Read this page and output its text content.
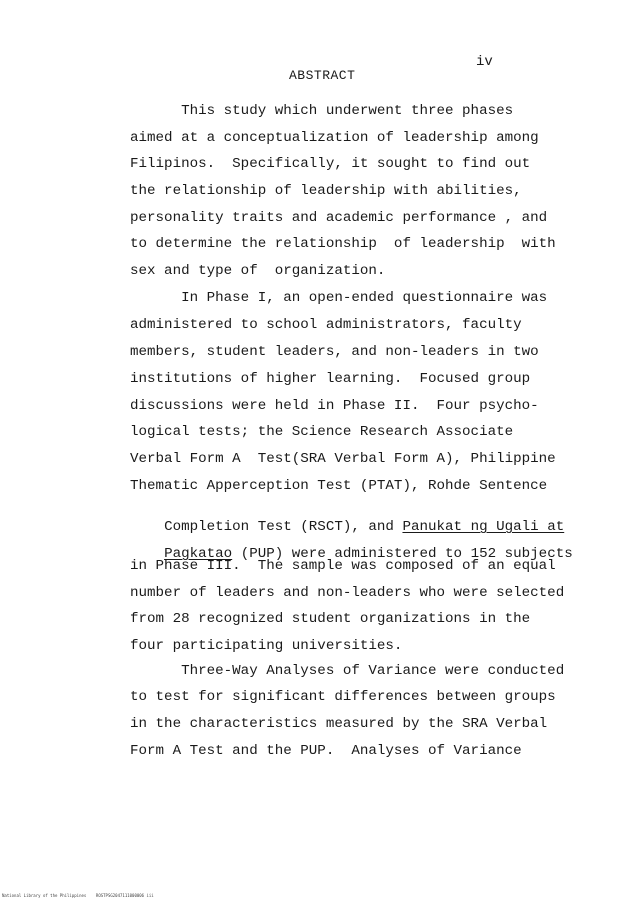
iv
ABSTRACT
This study which underwent three phases
aimed at a conceptualization of leadership among
Filipinos.  Specifically, it sought to find out
the relationship of leadership with abilities,
personality traits and academic performance , and
to determine the relationship  of leadership  with
sex and type of  organization.
In Phase I, an open-ended questionnaire was
administered to school administrators, faculty
members, student leaders, and non-leaders in two
institutions of higher learning.  Focused group
discussions were held in Phase II.  Four psycho-
logical tests; the Science Research Associate
Verbal Form A  Test(SRA Verbal Form A), Philippine
Thematic Apperception Test (PTAT), Rohde Sentence

Completion Test (RSCT), and Panukat ng Ugali at

Pagkatao (PUP) were administered to 152 subjects

in Phase III.  The sample was composed of an equal
number of leaders and non-leaders who were selected
from 28 recognized student organizations in the
four participating universities.
Three-Way Analyses of Variance were conducted
to test for significant differences between groups
in the characteristics measured by the SRA Verbal
Form A Test and the PUP.  Analyses of Variance
National Library of the Philippines    ROSTPSG2047111000006 iii
